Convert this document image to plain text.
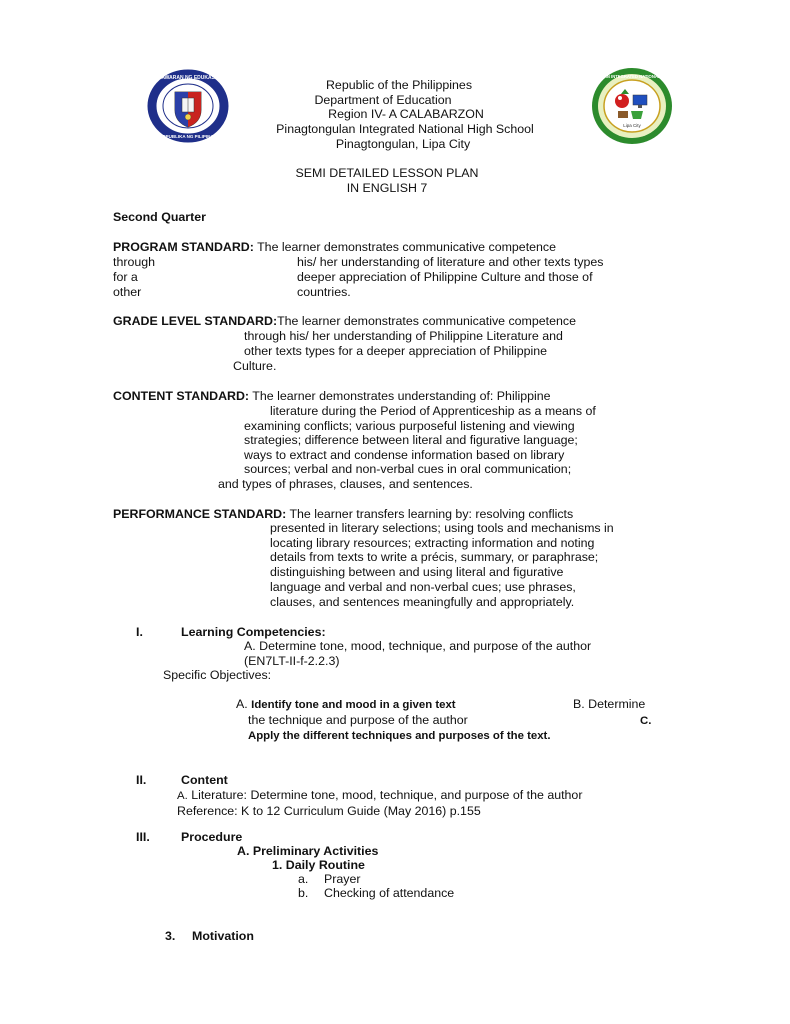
KAGAWARAN NG EDUKASYON
REPUBLIKA NG PILIPINAS
PINAGTONGULAN INTEGRATED NATIONAL HIGH SCHOOL
Lipa City
Republic of the Philippines
Department of Education
Region IV- A CALABARZON
Pinagtongulan Integrated National High School
Pinagtongulan, Lipa City
SEMI DETAILED LESSON PLAN
IN ENGLISH 7
Second Quarter
PROGRAM STANDARD: The learner demonstrates communicative competence
through	his/ her understanding of literature and other texts types
for a	deeper appreciation of Philippine Culture and those of
other	countries.
GRADE LEVEL STANDARD:The learner demonstrates communicative competence
through his/ her understanding of Philippine Literature and
other texts types for a deeper appreciation of Philippine
Culture.
CONTENT STANDARD: The learner demonstrates understanding of: Philippine
literature during the Period of Apprenticeship as a means of
examining conflicts; various purposeful listening and viewing
strategies; difference between literal and figurative language;
ways to extract and condense information based on library
sources; verbal and non-verbal cues in oral communication;
and types of phrases, clauses, and sentences.
PERFORMANCE STANDARD: The learner transfers learning by: resolving conflicts
presented in literary selections; using tools and mechanisms in
locating library resources; extracting information and noting
details from texts to write a précis, summary, or paraphrase;
distinguishing between and using literal and figurative
language and verbal and non-verbal cues; use phrases,
clauses, and sentences meaningfully and appropriately.
I.	Learning Competencies:
A. Determine tone, mood, technique, and purpose of the author
(EN7LT-II-f-2.2.3)
Specific Objectives:
A. Identify tone and mood in a given text	B. Determine
the technique and purpose of the author	C.
Apply the different techniques and purposes of the text.
II.	Content
A. Literature: Determine tone, mood, technique, and purpose of the author
Reference: K to 12 Curriculum Guide (May 2016) p.155
III.	Procedure
A. Preliminary Activities
1. Daily Routine
a. Prayer
b. Checking of attendance
3. Motivation
